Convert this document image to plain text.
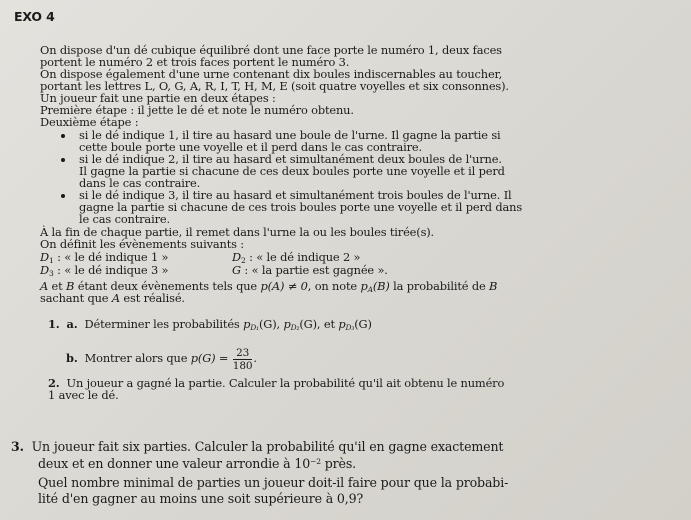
EXO 4
On dispose d'un dé cubique équilibré dont une face porte le numéro 1, deux faces
portent le numéro 2 et trois faces portent le numéro 3.
On dispose également d'une urne contenant dix boules indiscernables au toucher,
portant les lettres L, O, G, A, R, I, T, H, M, E (soit quatre voyelles et six consonnes).
Un joueur fait une partie en deux étapes :
Première étape : il jette le dé et note le numéro obtenu.
Deuxième étape :
si le dé indique 1, il tire au hasard une boule de l'urne. Il gagne la partie si
cette boule porte une voyelle et il perd dans le cas contraire.
si le dé indique 2, il tire au hasard et simultanément deux boules de l'urne.
Il gagne la partie si chacune de ces deux boules porte une voyelle et il perd
dans le cas contraire.
si le dé indique 3, il tire au hasard et simultanément trois boules de l'urne. Il
gagne la partie si chacune de ces trois boules porte une voyelle et il perd dans
le cas contraire.
À la fin de chaque partie, il remet dans l'urne la ou les boules tirée(s).
On définit les évènements suivants :
$D_1$ : « le dé indique 1 »	$D_2$ : « le dé indique 2 »
$D_3$ : « le dé indique 3 »	G : « la partie est gagnée ».
A et B étant deux évènements tels que p(A) ≠ 0, on note $p_A(B)$ la probabilité de B
sachant que A est réalisé.
1. a. Déterminer les probabilités $p_{D_1}(G)$, $p_{D_2}(G)$, et $p_{D_3}(G)$
b. Montrer alors que $p(G) = \frac{23}{180}$ .
2. Un joueur a gagné la partie. Calculer la probabilité qu'il ait obtenu le numéro
1 avec le dé.
3. Un joueur fait six parties. Calculer la probabilité qu'il en gagne exactement
deux et en donner une valeur arrondie à $10^{-2}$ près.
Quel nombre minimal de parties un joueur doit-il faire pour que la probabi-
lité d'en gagner au moins une soit supérieure à 0,9?
